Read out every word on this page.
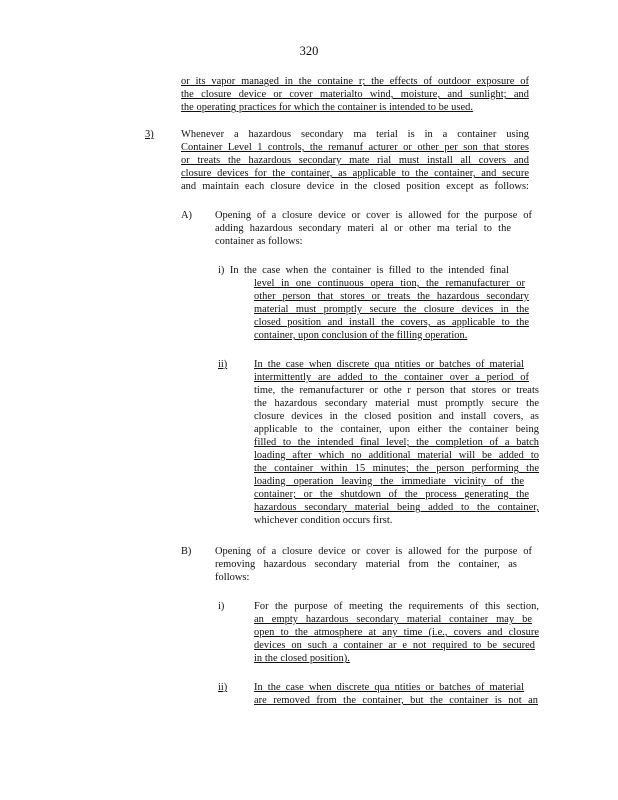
320
or its vapor managed in the containe r; the effects of outdoor exposure of
the closure device or cover materialto wind, moisture, and sunlight; and
the operating practices for which the container is intended to be used.
3)	Whenever a hazardous secondary ma terial is in a container using
Container Level 1 controls, the remanuf acturer or other per son that stores
or treats the hazardous secondary mate rial must install all covers and
closure devices for the container, as applicable to the container, and secure
and maintain each closure device in the closed position except as follows:
A) Opening of a closure device or cover is allowed for the purpose of
adding hazardous secondary materi al or other ma terial to the
container as follows:
i) In the case when the container is filled to the intended final
level in one continuous opera tion, the remanufacturer or
other person that stores or treats the hazardous secondary
material must promptly secure the closure devices in the
closed position and install the covers, as applicable to the
container, upon conclusion of the filling operation.
ii)	In the case when discrete qua ntities or batches of material
intermittently are added to the container over a period of
time, the remanufacturer or othe r person that stores or treats
the hazardous secondary material must promptly secure the
closure devices in the closed position and install covers, as
applicable to the container, upon either the container being
filled to the intended final level; the completion of a batch
loading after which no additional material will be added to
the container within 15 minutes; the person performing the
loading operation leaving the immediate vicinity of the
container; or the shutdown of the process generating the
hazardous secondary material being added to the container,
whichever condition occurs first.
B) Opening of a closure device or cover is allowed for the purpose of
removing hazardous secondary material from the container, as
follows:
i)	For the purpose of meeting the requirements of this section,
an empty hazardous secondary material container may be
open to the atmosphere at any time (i.e., covers and closure
devices on such a container ar e not required to be secured
in the closed position).
ii)	In the case when discrete qua ntities or batches of material
are removed from the container, but the container is not an
